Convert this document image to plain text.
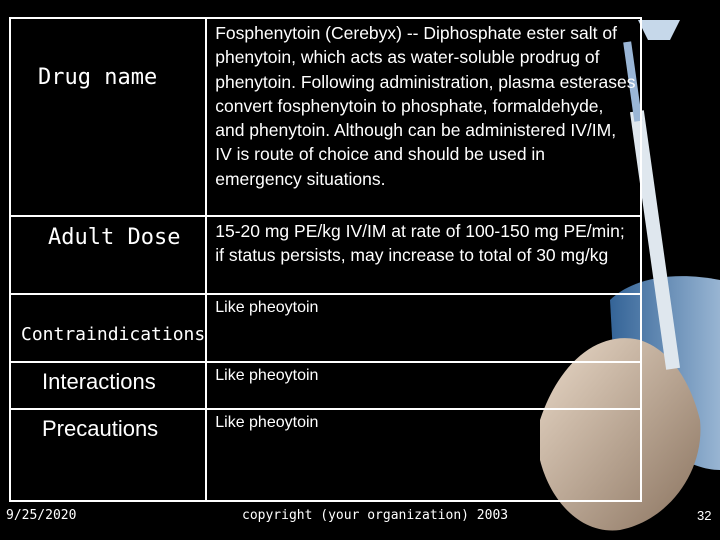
Drug name	Fosphenytoin (Cerebyx) -- Diphosphate ester salt of phenytoin, which acts as water-soluble prodrug of phenytoin. Following administration, plasma esterases convert fosphenytoin to phosphate, formaldehyde, and phenytoin. Although can be administered IV/IM, IV is route of choice and should be used in emergency situations.

Adult Dose	15-20 mg PE/kg IV/IM at rate of 100-150 mg PE/min; if status persists, may increase to total of 30 mg/kg

Contraindications	Like pheoytoin

Interactions	Like pheoytoin

Precautions	Like pheoytoin
9/25/2020	copyright (your organization) 2003	32
